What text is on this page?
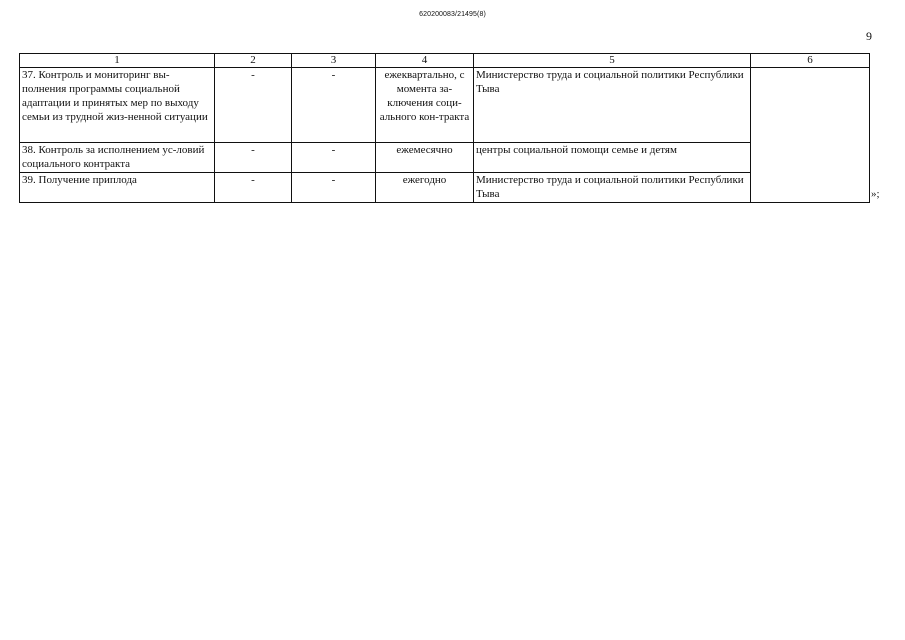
620200083/21495(8)
9
1	2	3	4	5	6
37. Контроль и мониторинг вы-полнения программы социальной адаптации и принятых мер по выходу семьи из трудной жиз-ненной ситуации	-	-	ежеквартально, с момента за-ключения соци-ального кон-тракта	Министерство труда и социальной политики Республики Тыва	
38. Контроль за исполнением ус-ловий социального контракта	-	-	ежемесячно	центры социальной помощи семье и детям	
39. Получение приплода	-	-	ежегодно	Министерство труда и социальной политики Республики Тыва		»;
